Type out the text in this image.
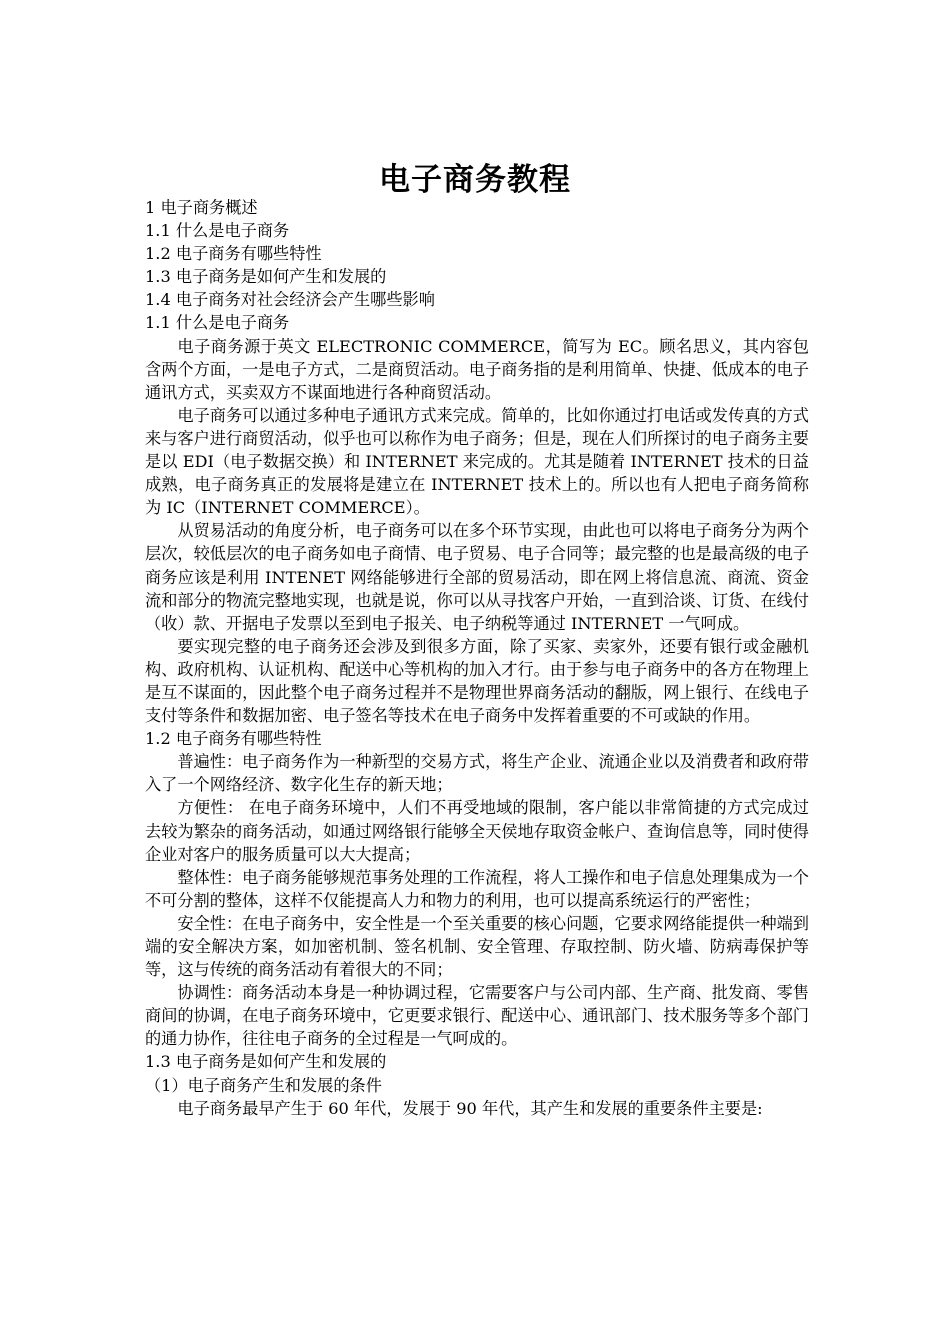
电子商务教程

1 电子商务概述

1.1 什么是电子商务

1.2 电子商务有哪些特性

1.3 电子商务是如何产生和发展的

1.4 电子商务对社会经济会产生哪些影响

1.1 什么是电子商务

电子商务源于英文 ELECTRONIC COMMERCE，简写为 EC。顾名思义，其内容包含两个方面，一是电子方式，二是商贸活动。电子商务指的是利用简单、快捷、低成本的电子通讯方式，买卖双方不谋面地进行各种商贸活动。

电子商务可以通过多种电子通讯方式来完成。简单的，比如你通过打电话或发传真的方式来与客户进行商贸活动，似乎也可以称作为电子商务；但是，现在人们所探讨的电子商务主要是以 EDI（电子数据交换）和 INTERNET 来完成的。尤其是随着 INTERNET 技术的日益成熟，电子商务真正的发展将是建立在 INTERNET 技术上的。所以也有人把电子商务简称为 IC（INTERNET COMMERCE）。

从贸易活动的角度分析，电子商务可以在多个环节实现，由此也可以将电子商务分为两个层次，较低层次的电子商务如电子商情、电子贸易、电子合同等；最完整的也是最高级的电子商务应该是利用 INTENET 网络能够进行全部的贸易活动，即在网上将信息流、商流、资金流和部分的物流完整地实现，也就是说，你可以从寻找客户开始，一直到洽谈、订货、在线付（收）款、开据电子发票以至到电子报关、电子纳税等通过 INTERNET 一气呵成。

要实现完整的电子商务还会涉及到很多方面，除了买家、卖家外，还要有银行或金融机构、政府机构、认证机构、配送中心等机构的加入才行。由于参与电子商务中的各方在物理上是互不谋面的，因此整个电子商务过程并不是物理世界商务活动的翻版，网上银行、在线电子支付等条件和数据加密、电子签名等技术在电子商务中发挥着重要的不可或缺的作用。

1.2 电子商务有哪些特性

普遍性：电子商务作为一种新型的交易方式，将生产企业、流通企业以及消费者和政府带入了一个网络经济、数字化生存的新天地；

方便性： 在电子商务环境中，人们不再受地域的限制，客户能以非常简捷的方式完成过去较为繁杂的商务活动，如通过网络银行能够全天侯地存取资金帐户、查询信息等，同时使得企业对客户的服务质量可以大大提高；

整体性：电子商务能够规范事务处理的工作流程，将人工操作和电子信息处理集成为一个不可分割的整体，这样不仅能提高人力和物力的利用，也可以提高系统运行的严密性；

安全性：在电子商务中，安全性是一个至关重要的核心问题，它要求网络能提供一种端到端的安全解决方案，如加密机制、签名机制、安全管理、存取控制、防火墙、防病毒保护等等，这与传统的商务活动有着很大的不同；

协调性：商务活动本身是一种协调过程，它需要客户与公司内部、生产商、批发商、零售商间的协调，在电子商务环境中，它更要求银行、配送中心、通讯部门、技术服务等多个部门的通力协作，往往电子商务的全过程是一气呵成的。

1.3 电子商务是如何产生和发展的

（1）电子商务产生和发展的条件

电子商务最早产生于 60 年代，发展于 90 年代，其产生和发展的重要条件主要是:
